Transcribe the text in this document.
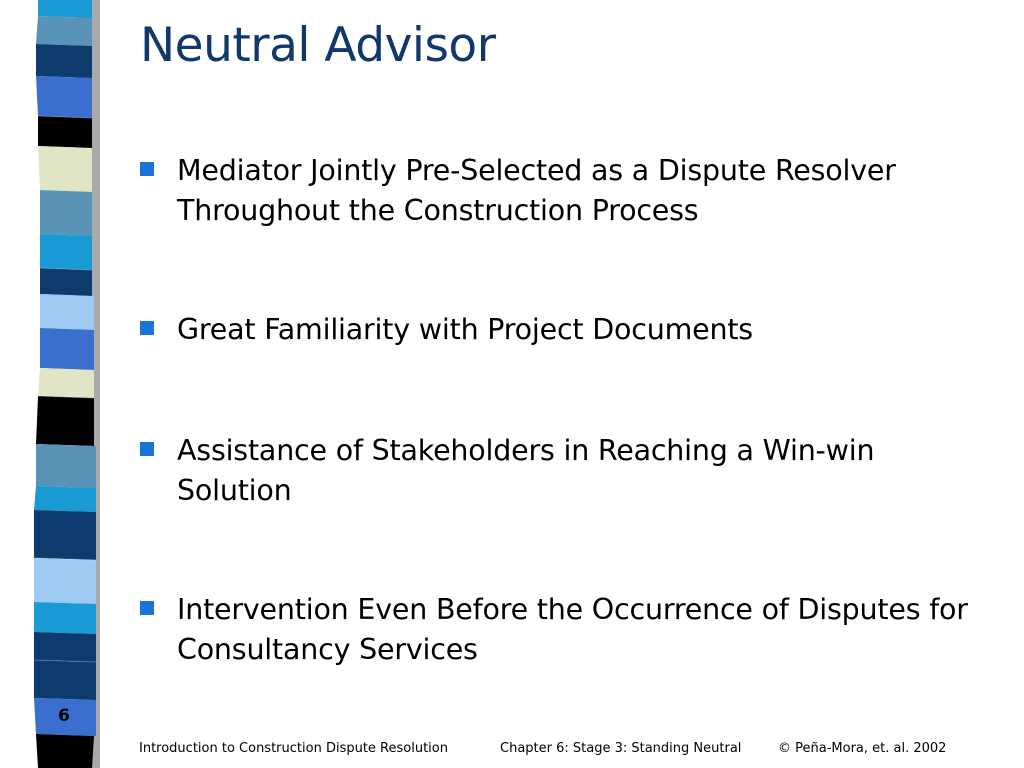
Neutral Advisor
Mediator Jointly Pre-Selected as a Dispute Resolver Throughout the Construction Process
Great Familiarity with Project Documents
Assistance of Stakeholders in Reaching a Win-win Solution
Intervention Even Before the Occurrence of Disputes for Consultancy Services
6
Introduction to Construction Dispute Resolution	Chapter 6: Stage 3: Standing Neutral	© Peña-Mora, et. al. 2002
